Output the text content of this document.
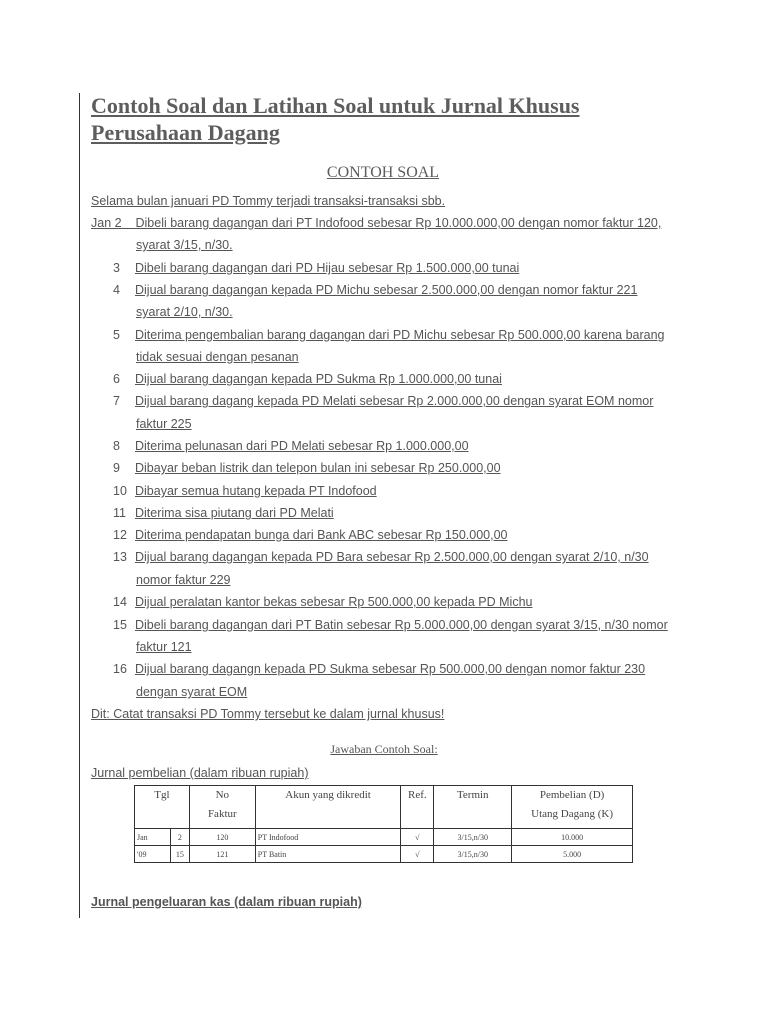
Contoh Soal dan Latihan Soal untuk Jurnal Khusus Perusahaan Dagang
CONTOH SOAL
Selama bulan januari PD Tommy terjadi transaksi-transaksi sbb.
Jan 2 Dibeli barang dagangan dari PT Indofood sebesar Rp 10.000.000,00 dengan nomor faktur 120,
syarat 3/15, n/30.
3 Dibeli barang dagangan dari PD Hijau sebesar Rp 1.500.000,00 tunai
4 Dijual barang dagangan kepada PD Michu sebesar 2.500.000,00 dengan nomor faktur 221
syarat 2/10, n/30.
5 Diterima pengembalian barang dagangan dari PD Michu sebesar Rp 500.000,00 karena barang
tidak sesuai dengan pesanan
6 Dijual barang dagangan kepada PD Sukma Rp 1.000.000,00 tunai
7 Dijual barang dagang kepada PD Melati sebesar Rp 2.000.000,00 dengan syarat EOM nomor
faktur 225
8 Diterima pelunasan dari PD Melati sebesar Rp 1.000.000,00
9 Dibayar beban listrik dan telepon bulan ini sebesar Rp 250.000,00
10 Dibayar semua hutang kepada PT Indofood
11 Diterima sisa piutang dari PD Melati
12 Diterima pendapatan bunga dari Bank ABC sebesar Rp 150.000,00
13 Dijual barang dagangan kepada PD Bara sebesar Rp 2.500.000,00 dengan syarat 2/10, n/30
nomor faktur 229
14 Dijual peralatan kantor bekas sebesar Rp 500.000,00 kepada PD Michu
15 Dibeli barang dagangan dari PT Batin sebesar Rp 5.000.000,00 dengan syarat 3/15, n/30 nomor
faktur 121
16 Dijual barang dagangn kepada PD Sukma sebesar Rp 500.000,00 dengan nomor faktur 230
dengan syarat EOM
Dit: Catat transaksi PD Tommy tersebut ke dalam jurnal khusus!
Jawaban Contoh Soal:
Jurnal pembelian (dalam ribuan rupiah)
Tgl		No
Faktur	Akun yang dikredit	Ref.	Termin	Pembelian (D)
Utang Dagang (K)

Jan	2	120	PT Indofood	√	3/15,n/30	10.000
'09	15	121	PT Batin	√	3/15,n/30	5.000
Jurnal pengeluaran kas (dalam ribuan rupiah)
